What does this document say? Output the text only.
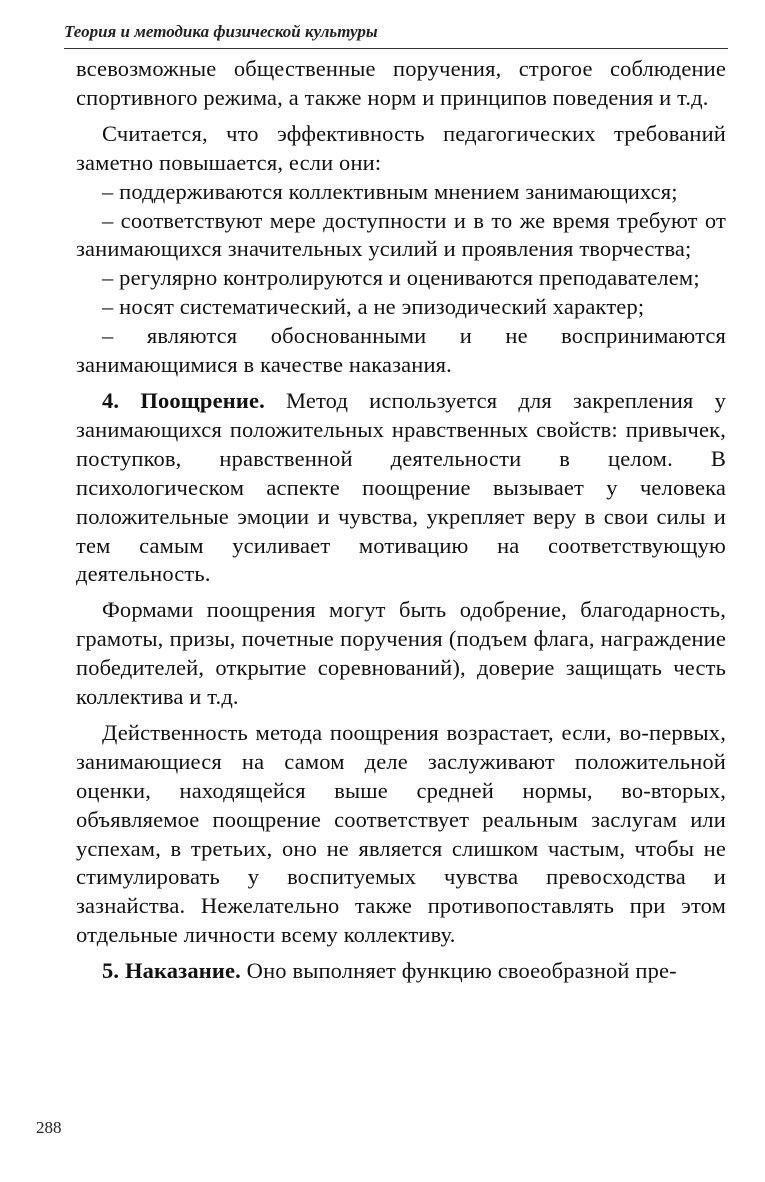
Теория и методика физической культуры

всевозможные общественные поручения, строгое соблюдение спортивного режима, а также норм и принципов поведения и т.д.

Считается, что эффективность педагогических требований заметно повышается, если они:

– поддерживаются коллективным мнением занимающихся;

– соответствуют мере доступности и в то же время требуют от занимающихся значительных усилий и проявления творчества;

– регулярно контролируются и оцениваются преподавателем;

– носят систематический, а не эпизодический характер;

– являются обоснованными и не воспринимаются занимающимися в качестве наказания.

4. Поощрение. Метод используется для закрепления у занимающихся положительных нравственных свойств: привычек, поступков, нравственной деятельности в целом. В психологическом аспекте поощрение вызывает у человека положительные эмоции и чувства, укрепляет веру в свои силы и тем самым усиливает мотивацию на соответствующую деятельность.

Формами поощрения могут быть одобрение, благодарность, грамоты, призы, почетные поручения (подъем флага, награждение победителей, открытие соревнований), доверие защищать честь коллектива и т.д.

Действенность метода поощрения возрастает, если, во-первых, занимающиеся на самом деле заслуживают положительной оценки, находящейся выше средней нормы, во-вторых, объявляемое поощрение соответствует реальным заслугам или успехам, в третьих, оно не является слишком частым, чтобы не стимулировать у воспитуемых чувства превосходства и зазнайства. Нежелательно также противопоставлять при этом отдельные личности всему коллективу.

5. Наказание. Оно выполняет функцию своеобразной пре-

288
